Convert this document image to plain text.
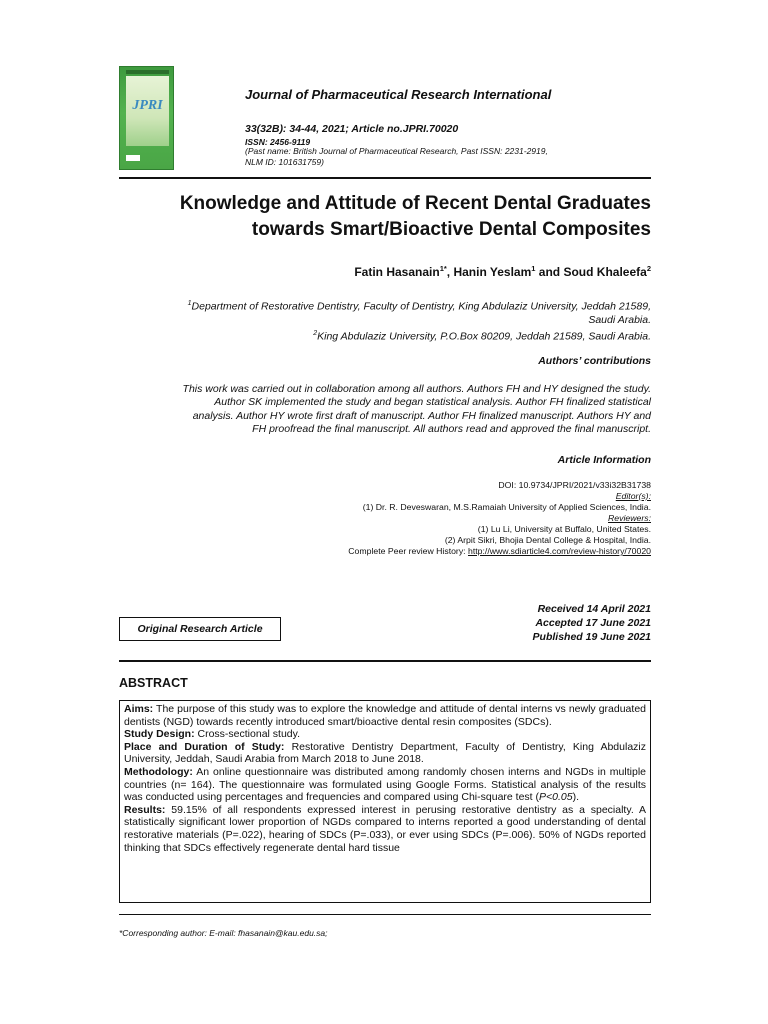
JPRI
Journal of Pharmaceutical Research International
33(32B): 34-44, 2021; Article no.JPRI.70020
ISSN: 2456-9119
(Past name: British Journal of Pharmaceutical Research, Past ISSN: 2231-2919,
NLM ID: 101631759)
Knowledge and Attitude of Recent Dental Graduates
towards Smart/Bioactive Dental Composites
Fatin Hasanain$^{1*}$, Hanin Yeslam$^1$ and Soud Khaleefa$^2$
$^1$Department of Restorative Dentistry, Faculty of Dentistry, King Abdulaziz University, Jeddah 21589,
Saudi Arabia.
$^2$King Abdulaziz University, P.O.Box 80209, Jeddah 21589, Saudi Arabia.
Authors’ contributions
This work was carried out in collaboration among all authors. Authors FH and HY designed the study.
Author SK implemented the study and began statistical analysis. Author FH finalized statistical
analysis. Author HY wrote first draft of manuscript. Author FH finalized manuscript. Authors HY and
FH proofread the final manuscript. All authors read and approved the final manuscript.
Article Information
DOI: 10.9734/JPRI/2021/v33i32B31738
Editor(s):
(1) Dr. R. Deveswaran, M.S.Ramaiah University of Applied Sciences, India.
Reviewers:
(1) Lu Li, University at Buffalo, United States.
(2) Arpit Sikri, Bhojia Dental College & Hospital, India.
Complete Peer review History: http://www.sdiarticle4.com/review-history/70020
Original Research Article
Received 14 April 2021
Accepted 17 June 2021
Published 19 June 2021
ABSTRACT

Aims: The purpose of this study was to explore the knowledge and attitude of dental interns vs newly graduated dentists (NGD) towards recently introduced smart/bioactive dental resin composites (SDCs).

Study Design: Cross-sectional study.

Place and Duration of Study: Restorative Dentistry Department, Faculty of Dentistry, King Abdulaziz University, Jeddah, Saudi Arabia from March 2018 to June 2018.

Methodology: An online questionnaire was distributed among randomly chosen interns and NGDs in multiple countries (n= 164). The questionnaire was formulated using Google Forms. Statistical analysis of the results was conducted using percentages and frequencies and compared using Chi-square test (P<0.05).

Results: 59.15% of all respondents expressed interest in perusing restorative dentistry as a specialty. A statistically significant lower proportion of NGDs compared to interns reported a good understanding of dental restorative materials (P=.022), hearing of SDCs (P=.033), or ever using SDCs (P=.006). 50% of NGDs reported thinking that SDCs effectively regenerate dental hard tissue

*Corresponding author: E-mail: fhasanain@kau.edu.sa;
